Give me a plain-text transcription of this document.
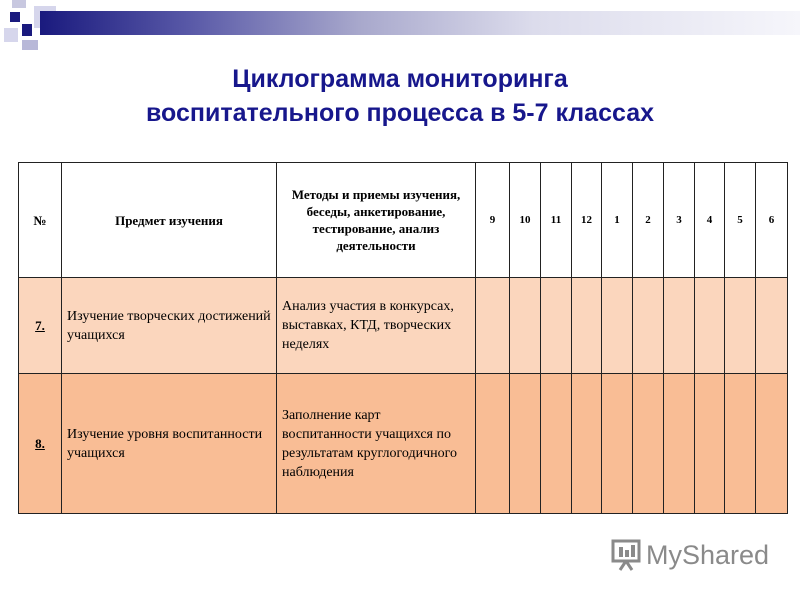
Циклограмма мониторинга
воспитательного процесса в 5-7 классах
№	Предмет изучения	Методы и приемы изучения, беседы, анкетирование, тестирование, анализ деятельности	9	10	11	12	1	2	3	4	5	6
7.	Изучение творческих достижений учащихся	Анализ участия в конкурсах, выставках, КТД, творческих неделях										
8.	Изучение уровня воспитанности учащихся	Заполнение карт воспитанности учащихся по результатам круглогодичного наблюдения										
MyShared
